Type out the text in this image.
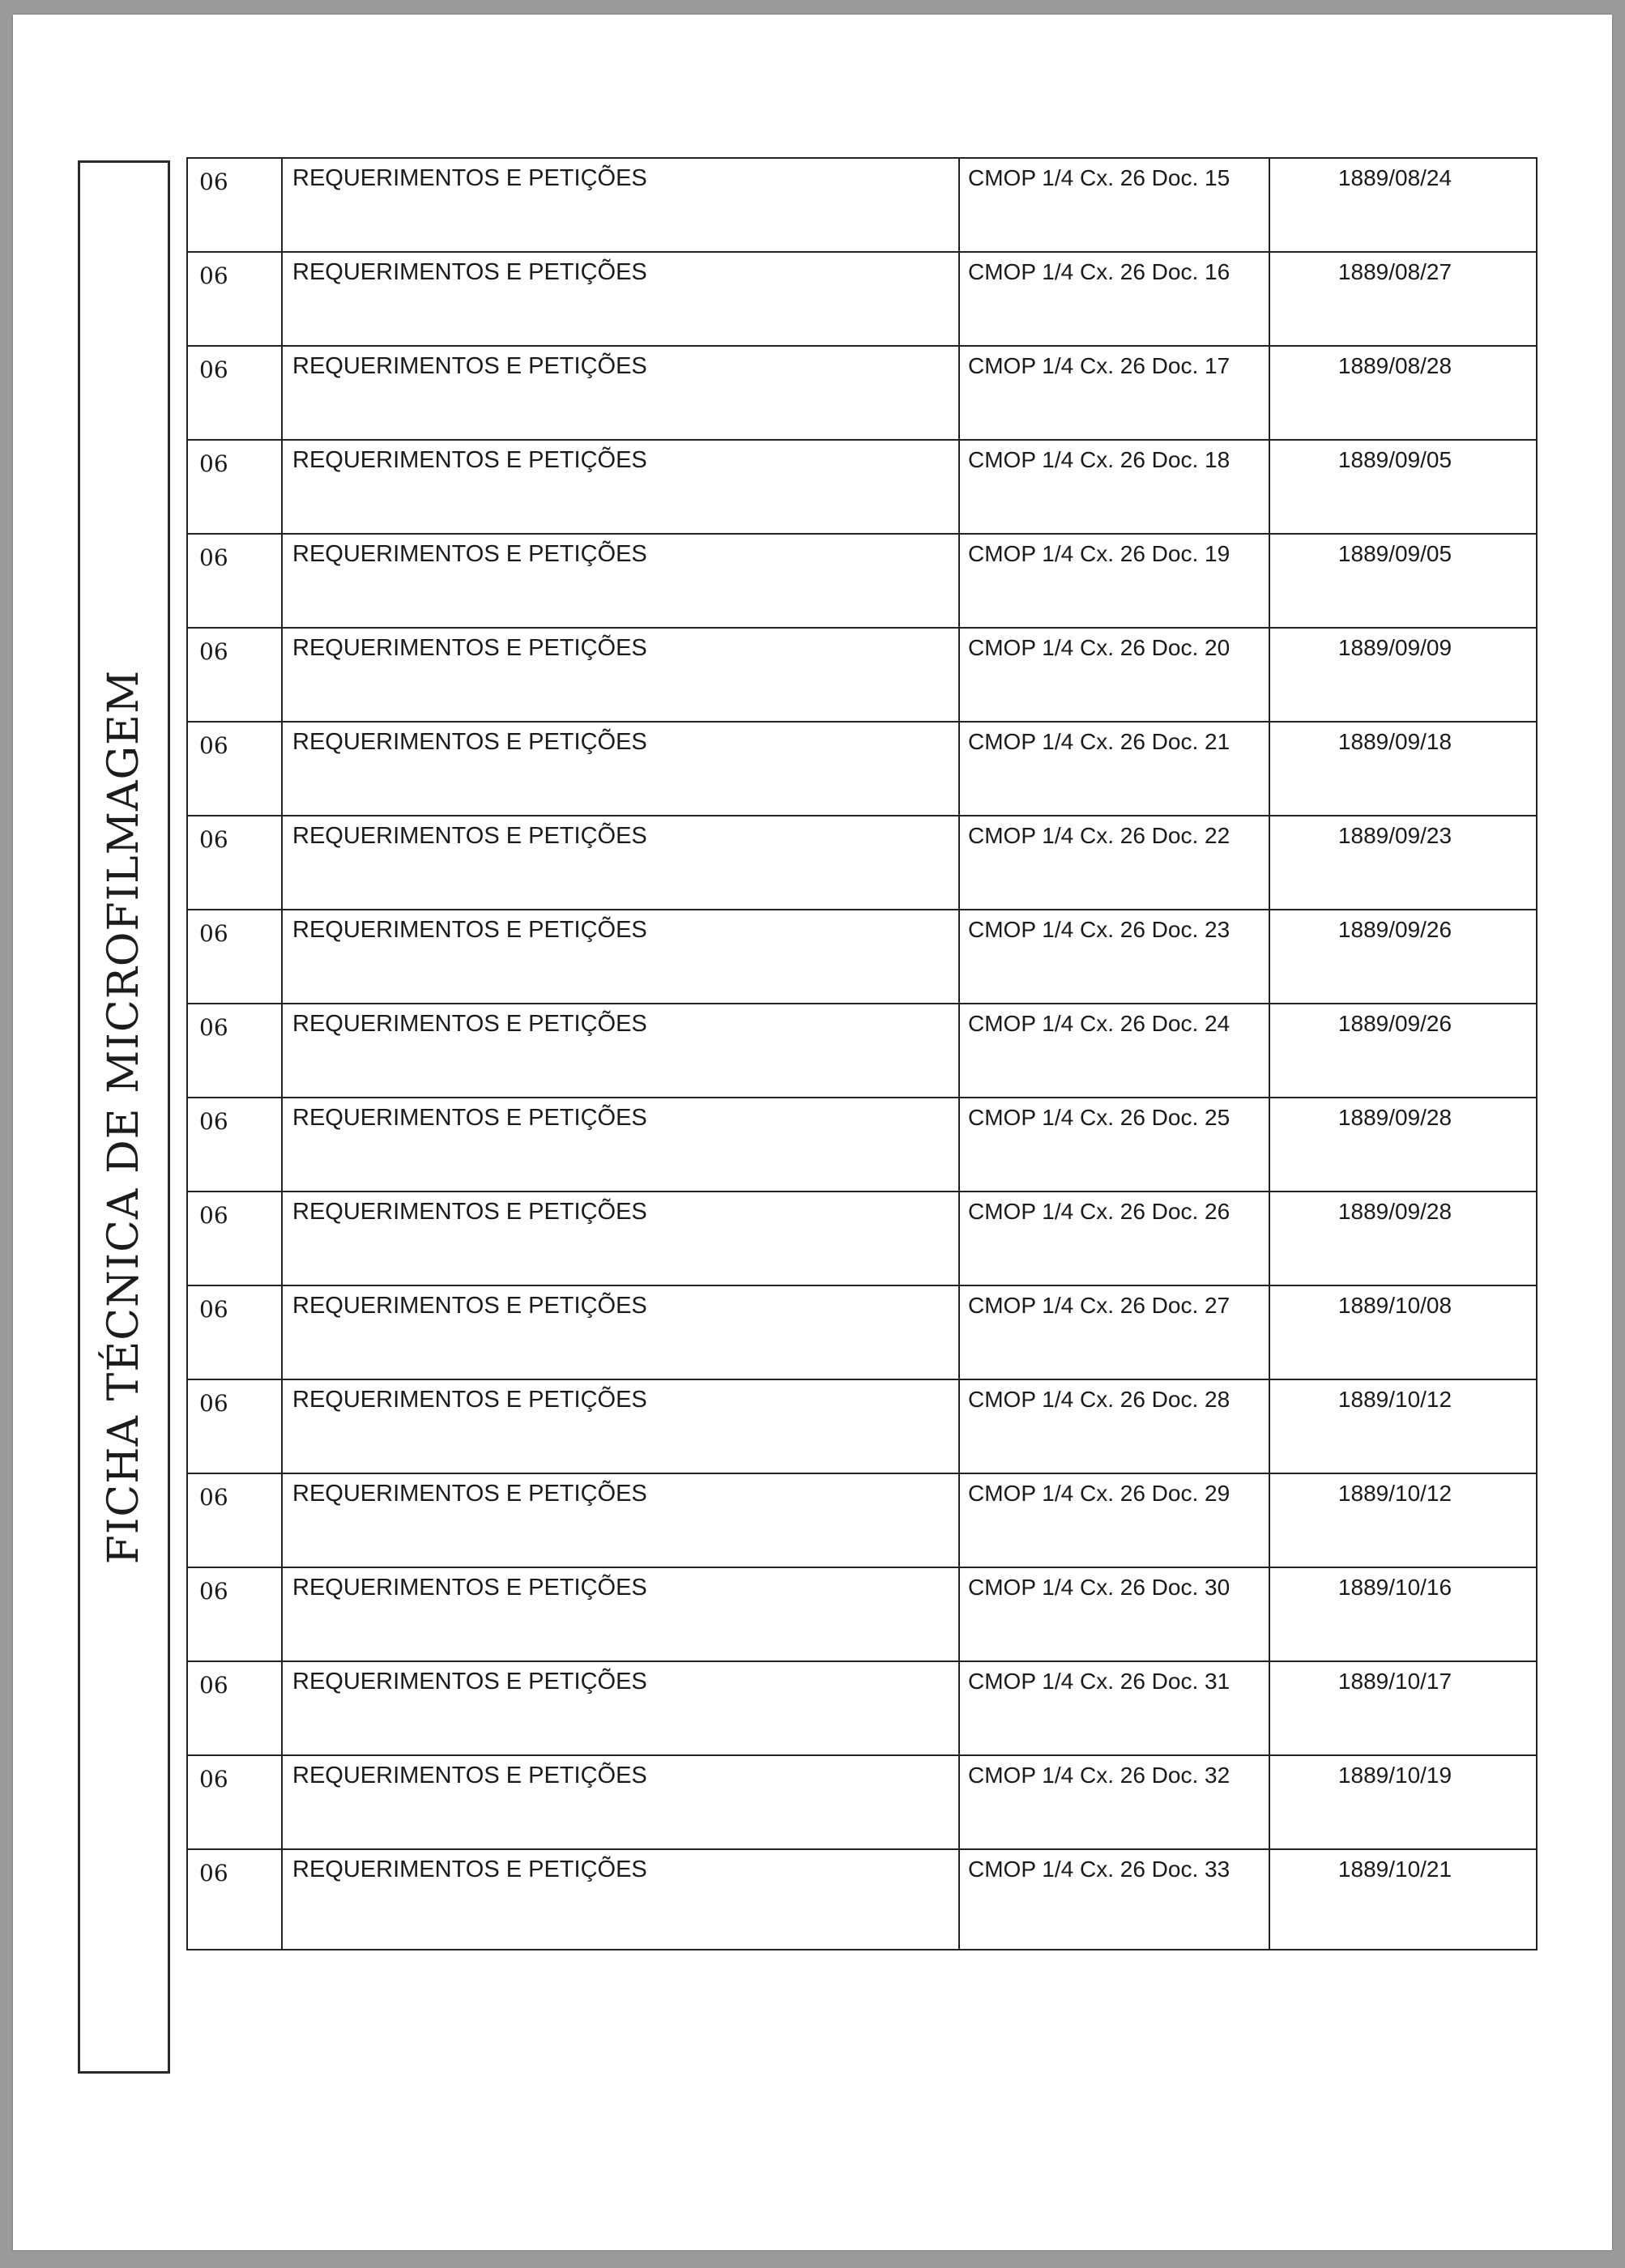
FICHA TÉCNICA DE MICROFILMAGEM
06	REQUERIMENTOS E PETIÇÕES	CMOP 1/4 Cx. 26 Doc. 15	1889/08/24
06	REQUERIMENTOS E PETIÇÕES	CMOP 1/4 Cx. 26 Doc. 16	1889/08/27
06	REQUERIMENTOS E PETIÇÕES	CMOP 1/4 Cx. 26 Doc. 17	1889/08/28
06	REQUERIMENTOS E PETIÇÕES	CMOP 1/4 Cx. 26 Doc. 18	1889/09/05
06	REQUERIMENTOS E PETIÇÕES	CMOP 1/4 Cx. 26 Doc. 19	1889/09/05
06	REQUERIMENTOS E PETIÇÕES	CMOP 1/4 Cx. 26 Doc. 20	1889/09/09
06	REQUERIMENTOS E PETIÇÕES	CMOP 1/4 Cx. 26 Doc. 21	1889/09/18
06	REQUERIMENTOS E PETIÇÕES	CMOP 1/4 Cx. 26 Doc. 22	1889/09/23
06	REQUERIMENTOS E PETIÇÕES	CMOP 1/4 Cx. 26 Doc. 23	1889/09/26
06	REQUERIMENTOS E PETIÇÕES	CMOP 1/4 Cx. 26 Doc. 24	1889/09/26
06	REQUERIMENTOS E PETIÇÕES	CMOP 1/4 Cx. 26 Doc. 25	1889/09/28
06	REQUERIMENTOS E PETIÇÕES	CMOP 1/4 Cx. 26 Doc. 26	1889/09/28
06	REQUERIMENTOS E PETIÇÕES	CMOP 1/4 Cx. 26 Doc. 27	1889/10/08
06	REQUERIMENTOS E PETIÇÕES	CMOP 1/4 Cx. 26 Doc. 28	1889/10/12
06	REQUERIMENTOS E PETIÇÕES	CMOP 1/4 Cx. 26 Doc. 29	1889/10/12
06	REQUERIMENTOS E PETIÇÕES	CMOP 1/4 Cx. 26 Doc. 30	1889/10/16
06	REQUERIMENTOS E PETIÇÕES	CMOP 1/4 Cx. 26 Doc. 31	1889/10/17
06	REQUERIMENTOS E PETIÇÕES	CMOP 1/4 Cx. 26 Doc. 32	1889/10/19
06	REQUERIMENTOS E PETIÇÕES	CMOP 1/4 Cx. 26 Doc. 33	1889/10/21
